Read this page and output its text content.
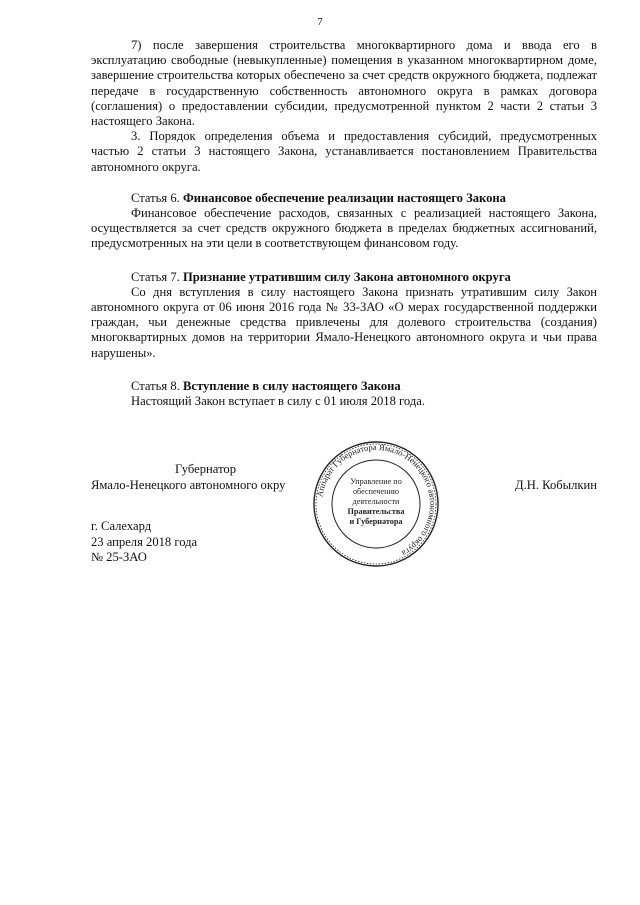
7

7) после завершения строительства многоквартирного дома и ввода его в эксплуатацию свободные (невыкупленные) помещения в указанном многоквартирном доме, завершение строительства которых обеспечено за счет средств окружного бюджета, подлежат передаче в государственную собственность автономного округа в рамках договора (соглашения) о предоставлении субсидии, предусмотренной пунктом 2 части 2 статьи 3 настоящего Закона.

3. Порядок определения объема и предоставления субсидий, предусмотренных частью 2 статьи 3 настоящего Закона, устанавливается постановлением Правительства автономного округа.

Статья 6. Финансовое обеспечение реализации настоящего Закона

Финансовое обеспечение расходов, связанных с реализацией настоящего Закона, осуществляется за счет средств окружного бюджета в пределах бюджетных ассигнований, предусмотренных на эти цели в соответствующем финансовом году.

Статья 7. Признание утратившим силу Закона автономного округа

Со дня вступления в силу настоящего Закона признать утратившим силу Закон автономного округа от 06 июня 2016 года № 33-ЗАО «О мерах государственной поддержки граждан, чьи денежные средства привлечены для долевого строительства (создания) многоквартирных домов на территории Ямало-Ненецкого автономного округа и чьи права нарушены».

Статья 8. Вступление в силу настоящего Закона

Настоящий Закон вступает в силу с 01 июля 2018 года.

Губернатор
Ямало-Ненецкого автономного окру	Д.Н. Кобылкин
Аппарат Губернатора Ямало-Ненецкого автономного округа
Управление по
обеспечению
деятельности
Правительства
и Губернатора
г. Салехард
23 апреля 2018 года
№ 25-ЗАО
